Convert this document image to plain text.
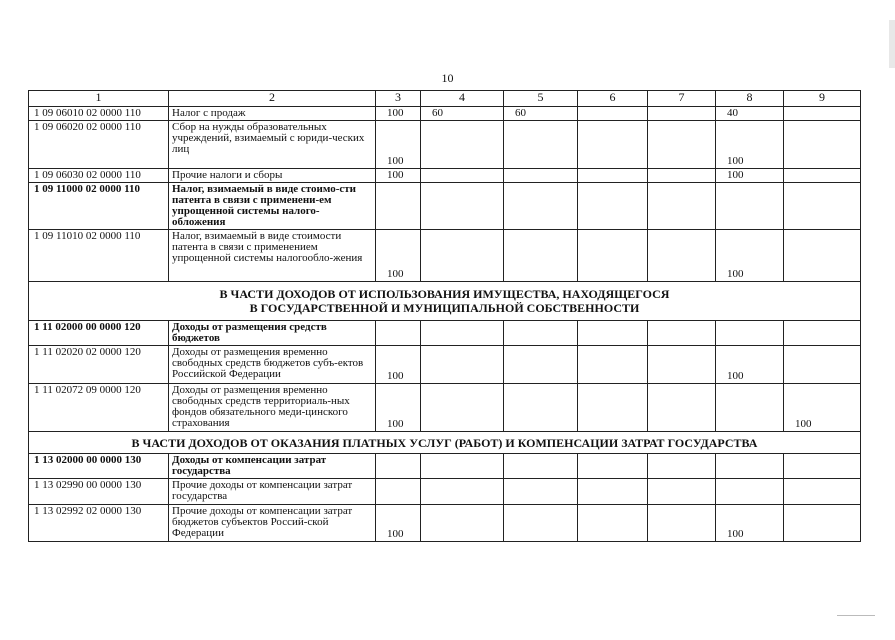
10
1	2	3	4	5	6	7	8	9
1 09 06010 02 0000 110	Налог с продаж	100	60	60			40	
1 09 06020 02 0000 110	Сбор на нужды образовательных учреждений, взимаемый с юриди-ческих лиц	100					100	
1 09 06030 02 0000 110	Прочие налоги и сборы	100					100	
1 09 11000 02 0000 110	Налог, взимаемый в виде стоимо-сти патента в связи с применени-ем упрощенной системы налого-обложения							
1 09 11010 02 0000 110	Налог, взимаемый в виде стоимости патента в связи с применением упрощенной системы налогообло-жения	100					100	

В ЧАСТИ ДОХОДОВ ОТ ИСПОЛЬЗОВАНИЯ ИМУЩЕСТВА, НАХОДЯЩЕГОСЯ
В ГОСУДАРСТВЕННОЙ И МУНИЦИПАЛЬНОЙ СОБСТВЕННОСТИ								

1 11 02000 00 0000 120	Доходы от размещения средств бюджетов							
1 11 02020 02 0000 120	Доходы от размещения временно свободных средств бюджетов субъ-ектов Российской Федерации	100					100	
1 11 02072 09 0000 120	Доходы от размещения временно свободных средств территориаль-ных фондов обязательного меди-цинского страхования	100						100

В ЧАСТИ ДОХОДОВ ОТ ОКАЗАНИЯ ПЛАТНЫХ УСЛУГ (РАБОТ) И КОМПЕНСАЦИИ ЗАТРАТ ГОСУДАРСТВА								

1 13 02000 00 0000 130	Доходы от компенсации затрат государства							
1 13 02990 00 0000 130	Прочие доходы от компенсации затрат государства							
1 13 02992 02 0000 130	Прочие доходы от компенсации затрат бюджетов субъектов Россий-ской Федерации	100					100	
